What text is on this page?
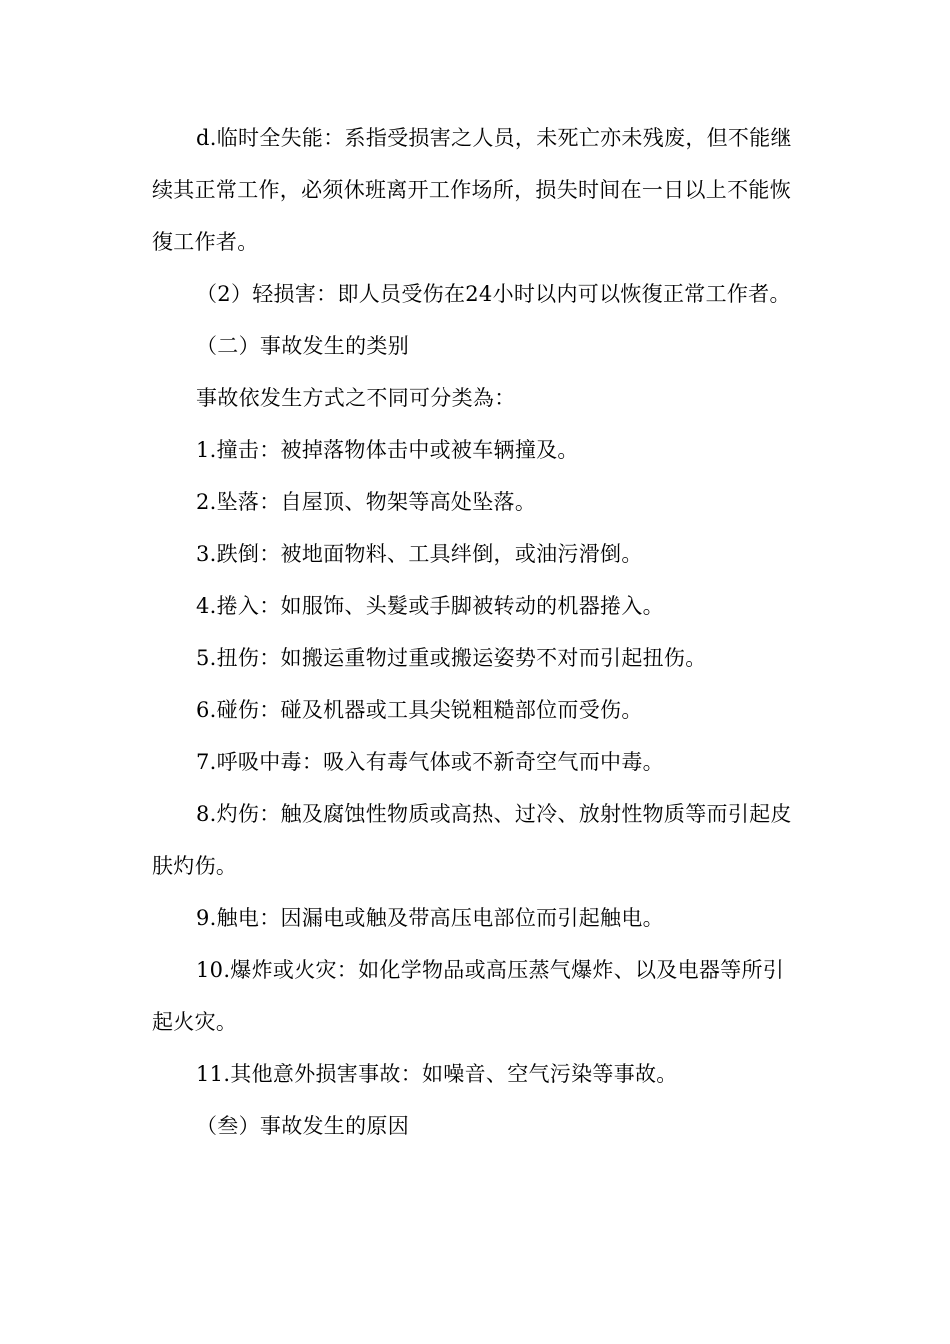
d.临时全失能：系指受损害之人员，未死亡亦未残废，但不能继续其正常工作，必须休班离开工作场所，损失时间在一日以上不能恢復工作者。

（2）轻损害：即人员受伤在24小时以内可以恢復正常工作者。

（二）事故发生的类别

事故依发生方式之不同可分类為：

1.撞击：被掉落物体击中或被车辆撞及。

2.坠落：自屋顶、物架等高处坠落。

3.跌倒：被地面物料、工具绊倒，或油污滑倒。

4.捲入：如服饰、头髮或手脚被转动的机器捲入。

5.扭伤：如搬运重物过重或搬运姿势不对而引起扭伤。

6.碰伤：碰及机器或工具尖锐粗糙部位而受伤。

7.呼吸中毒：吸入有毒气体或不新奇空气而中毒。

8.灼伤：触及腐蚀性物质或高热、过冷、放射性物质等而引起皮肤灼伤。

9.触电：因漏电或触及带高压电部位而引起触电。

10.爆炸或火灾：如化学物品或高压蒸气爆炸、以及电器等所引起火灾。

11.其他意外损害事故：如噪音、空气污染等事故。

（叁）事故发生的原因
